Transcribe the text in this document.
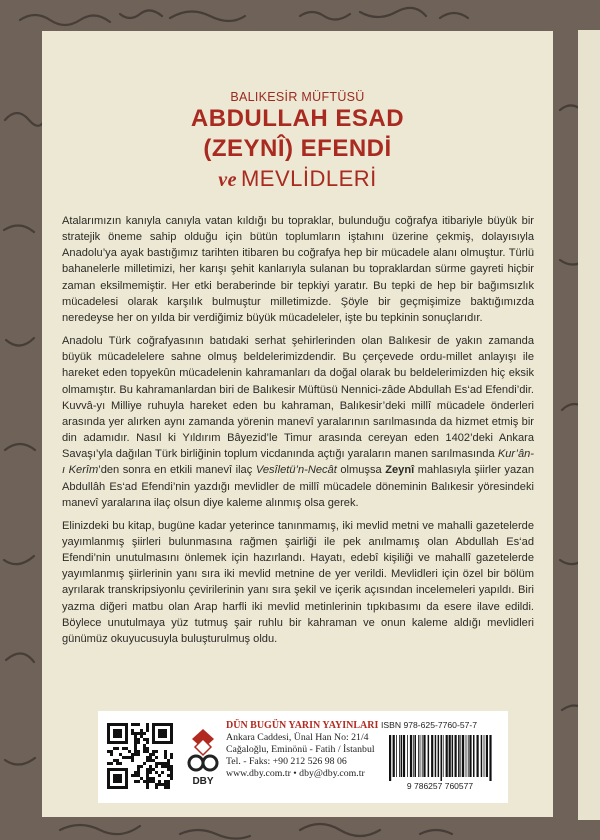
BALIKESİR MÜFTÜSÜ
ABDULLAH ESAD
(ZEYNÎ) EFENDİ
ve MEVLİDLERİ

Atalarımızın kanıyla canıyla vatan kıldığı bu topraklar, bulunduğu coğrafya itibariyle büyük bir stratejik öneme sahip olduğu için bütün toplumların iştahını üzerine çekmiş, dolayısıyla Anadolu’ya ayak bastığımız tarihten itibaren bu coğrafya hep bir mücadele alanı olmuştur. Türlü bahanelerle milletimizi, her karışı şehit kanlarıyla sulanan bu topraklardan sürme gayreti hiçbir zaman eksilmemiştir. Her etki beraberinde bir tepkiyi yaratır. Bu tepki de hep bir bağımsızlık mücadelesi olarak karşılık bulmuştur milletimizde. Şöyle bir geçmişimize baktığımızda neredeyse her on yılda bir verdiğimiz büyük mücadeleler, işte bu tepkinin sonuçlarıdır.

Anadolu Türk coğrafyasının batıdaki serhat şehirlerinden olan Balıkesir de yakın zamanda büyük mücadelelere sahne olmuş beldelerimizdendir. Bu çerçevede ordu-millet anlayışı ile hareket eden topyekûn mücadelenin kahramanları da doğal olarak bu beldelerimizden hiç eksik olmamıştır. Bu kahramanlardan biri de Balıkesir Müftüsü Nennici-zâde Abdullah Es‘ad Efendi’dir. Kuvvâ-yı Milliye ruhuyla hareket eden bu kahraman, Balıkesir’deki millî mücadele önderleri arasında yer alırken aynı zamanda yörenin manevî yaralarının sarılmasında da hizmet etmiş bir din adamıdır. Nasıl ki Yıldırım Bâyezid’le Timur arasında cereyan eden 1402’deki Ankara Savaşı’yla dağılan Türk birliğinin toplum vicdanında açtığı yaraların manen sarılmasında Kur’ân-ı Kerîm’den sonra en etkili manevî ilaç Vesîletü’n-Necât olmuşsa Zeynî mahlasıyla şiirler yazan Abdullâh Es‘ad Efendi’nin yazdığı mevlidler de millî mücadele döneminin Balıkesir yöresindeki manevî yaralarına ilaç olsun diye kaleme alınmış olsa gerek.

Elinizdeki bu kitap, bugüne kadar yeterince tanınmamış, iki mevlid metni ve mahalli gazetelerde yayımlanmış şiirleri bulunmasına rağmen şairliği ile pek anılmamış olan Abdullah Es‘ad Efendi’nin unutulmasını önlemek için hazırlandı. Hayatı, edebî kişiliği ve mahallî gazetelerde yayımlanmış şiirlerinin yanı sıra iki mevlid metnine de yer verildi. Mevlidleri için özel bir bölüm ayrılarak transkripsiyonlu çevirilerinin yanı sıra şekil ve içerik açısından incelemeleri yapıldı. Biri yazma diğeri matbu olan Arap harfli iki mevlid metinlerinin tıpkıbasımı da esere ilave edildi. Böylece unutulmaya yüz tutmuş şair ruhlu bir kahraman ve onun kaleme aldığı mevlidleri günümüz okuyucusuyla buluşturulmuş oldu.

DBY
DÜN BUGÜN YARIN YAYINLARI
Ankara Caddesi, Ünal Han No: 21/4
Cağaloğlu, Eminönü - Fatih / İstanbul
Tel. - Faks: +90 212 526 98 06
www.dby.com.tr • dby@dby.com.tr
ISBN 978-625-7760-57-7
9 786257 760577
